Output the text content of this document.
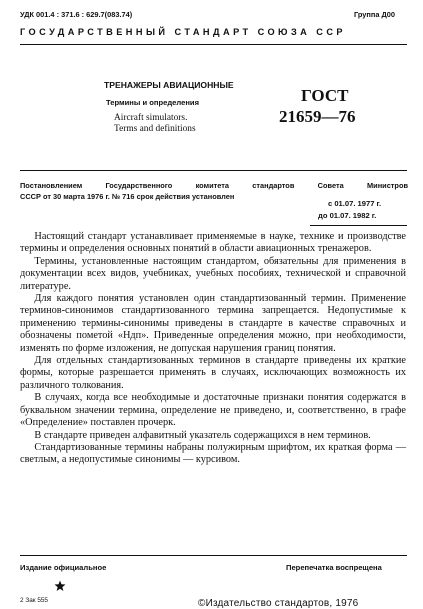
УДК 001.4 : 371.6 : 629.7(083.74)	Группа Д00
ГОСУДАРСТВЕННЫЙ СТАНДАРТ СОЮЗА ССР
ТРЕНАЖЕРЫ АВИАЦИОННЫЕ
Термины и определения
Aircraft simulators.
Terms and definitions
ГОСТ
21659—76
Постановлением Государственного комитета стандартов Совета Министров
СССР от 30 марта 1976 г. № 716 срок действия установлен
с 01.07. 1977 г.
до 01.07. 1982 г.

Настоящий стандарт устанавливает применяемые в науке, технике и производстве термины и определения основных понятий в области авиационных тренажеров.

Термины, установленные настоящим стандартом, обязательны для применения в документации всех видов, учебниках, учебных пособиях, технической и справочной литературе.

Для каждого понятия установлен один стандартизованный термин. Применение терминов-синонимов стандартизованного термина запрещается. Недопустимые к применению термины-синонимы приведены в стандарте в качестве справочных и обозначены пометой «Ндп». Приведенные определения можно, при необходимости, изменять по форме изложения, не допуская нарушения границ понятия.

Для отдельных стандартизованных терминов в стандарте приведены их краткие формы, которые разрешается применять в случаях, исключающих возможность их различного толкования.

В случаях, когда все необходимые и достаточные признаки понятия содержатся в буквальном значении термина, определение не приведено, и, соответственно, в графе «Определение» поставлен прочерк.

В стандарте приведен алфавитный указатель содержащихся в нем терминов.

Стандартизованные термины набраны полужирным шрифтом, их краткая форма — светлым, а недопустимые синонимы — курсивом.

Издание официальное	Перепечатка воспрещена
2 Зак 555	©Издательство стандартов, 1976
